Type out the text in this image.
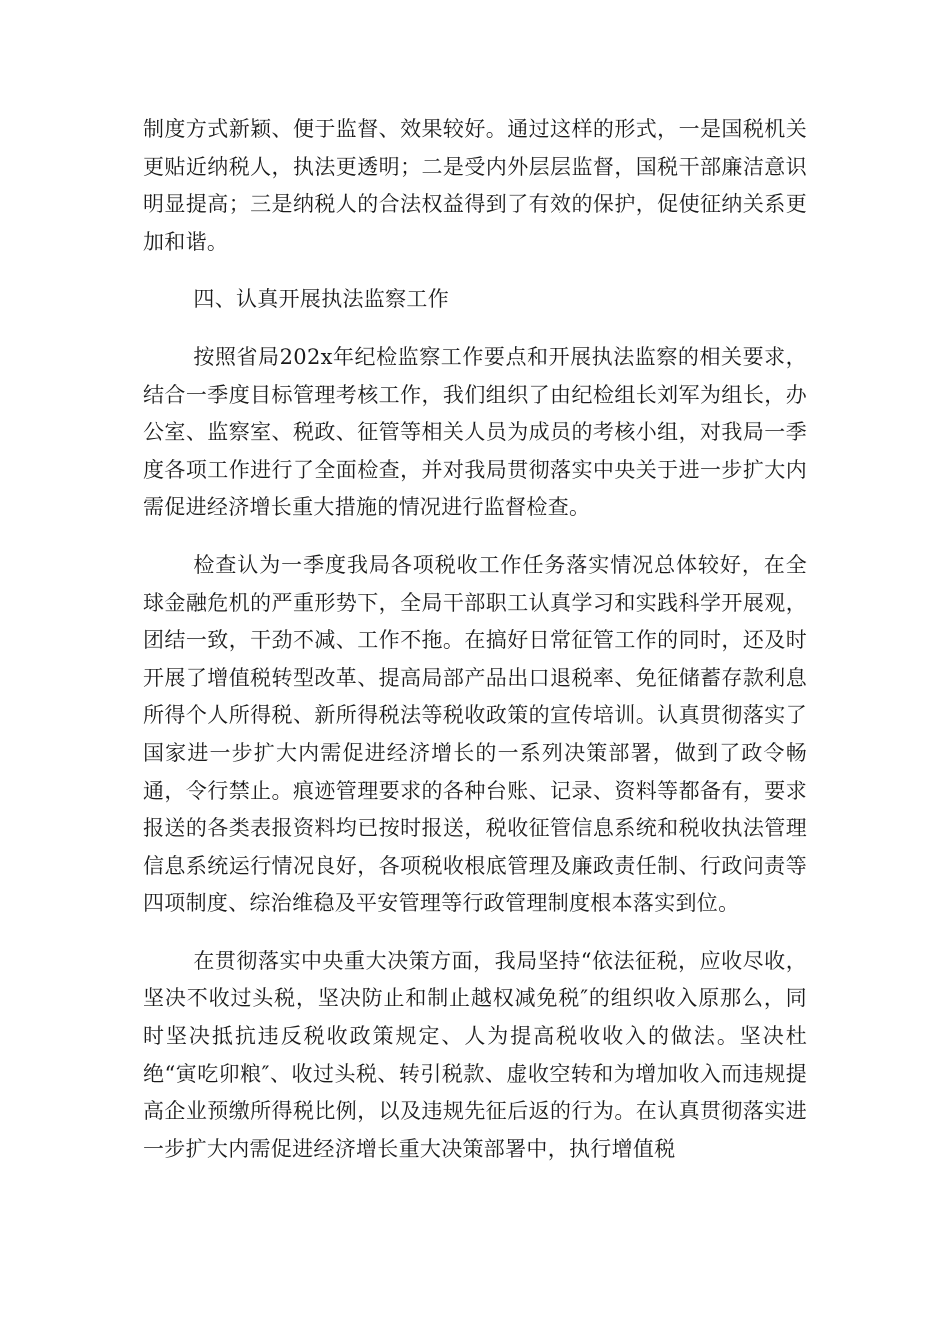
制度方式新颖、便于监督、效果较好。通过这样的形式，一是国税机关更贴近纳税人，执法更透明；二是受内外层层监督，国税干部廉洁意识明显提高；三是纳税人的合法权益得到了有效的保护，促使征纳关系更加和谐。

四、认真开展执法监察工作

按照省局202x年纪检监察工作要点和开展执法监察的相关要求，结合一季度目标管理考核工作，我们组织了由纪检组长刘军为组长，办公室、监察室、税政、征管等相关人员为成员的考核小组，对我局一季度各项工作进行了全面检查，并对我局贯彻落实中央关于进一步扩大内需促进经济增长重大措施的情况进行监督检查。

检查认为一季度我局各项税收工作任务落实情况总体较好，在全球金融危机的严重形势下，全局干部职工认真学习和实践科学开展观，团结一致，干劲不减、工作不拖。在搞好日常征管工作的同时，还及时开展了增值税转型改革、提高局部产品出口退税率、免征储蓄存款利息所得个人所得税、新所得税法等税收政策的宣传培训。认真贯彻落实了国家进一步扩大内需促进经济增长的一系列决策部署，做到了政令畅通，令行禁止。痕迹管理要求的各种台账、记录、资料等都备有，要求报送的各类表报资料均已按时报送，税收征管信息系统和税收执法管理信息系统运行情况良好，各项税收根底管理及廉政责任制、行政问责等四项制度、综治维稳及平安管理等行政管理制度根本落实到位。

在贯彻落实中央重大决策方面，我局坚持“依法征税，应收尽收，坚决不收过头税，坚决防止和制止越权减免税″的组织收入原那么，同时坚决抵抗违反税收政策规定、人为提高税收收入的做法。坚决杜绝“寅吃卯粮″、收过头税、转引税款、虚收空转和为增加收入而违规提高企业预缴所得税比例，以及违规先征后返的行为。在认真贯彻落实进一步扩大内需促进经济增长重大决策部署中，执行增值税
